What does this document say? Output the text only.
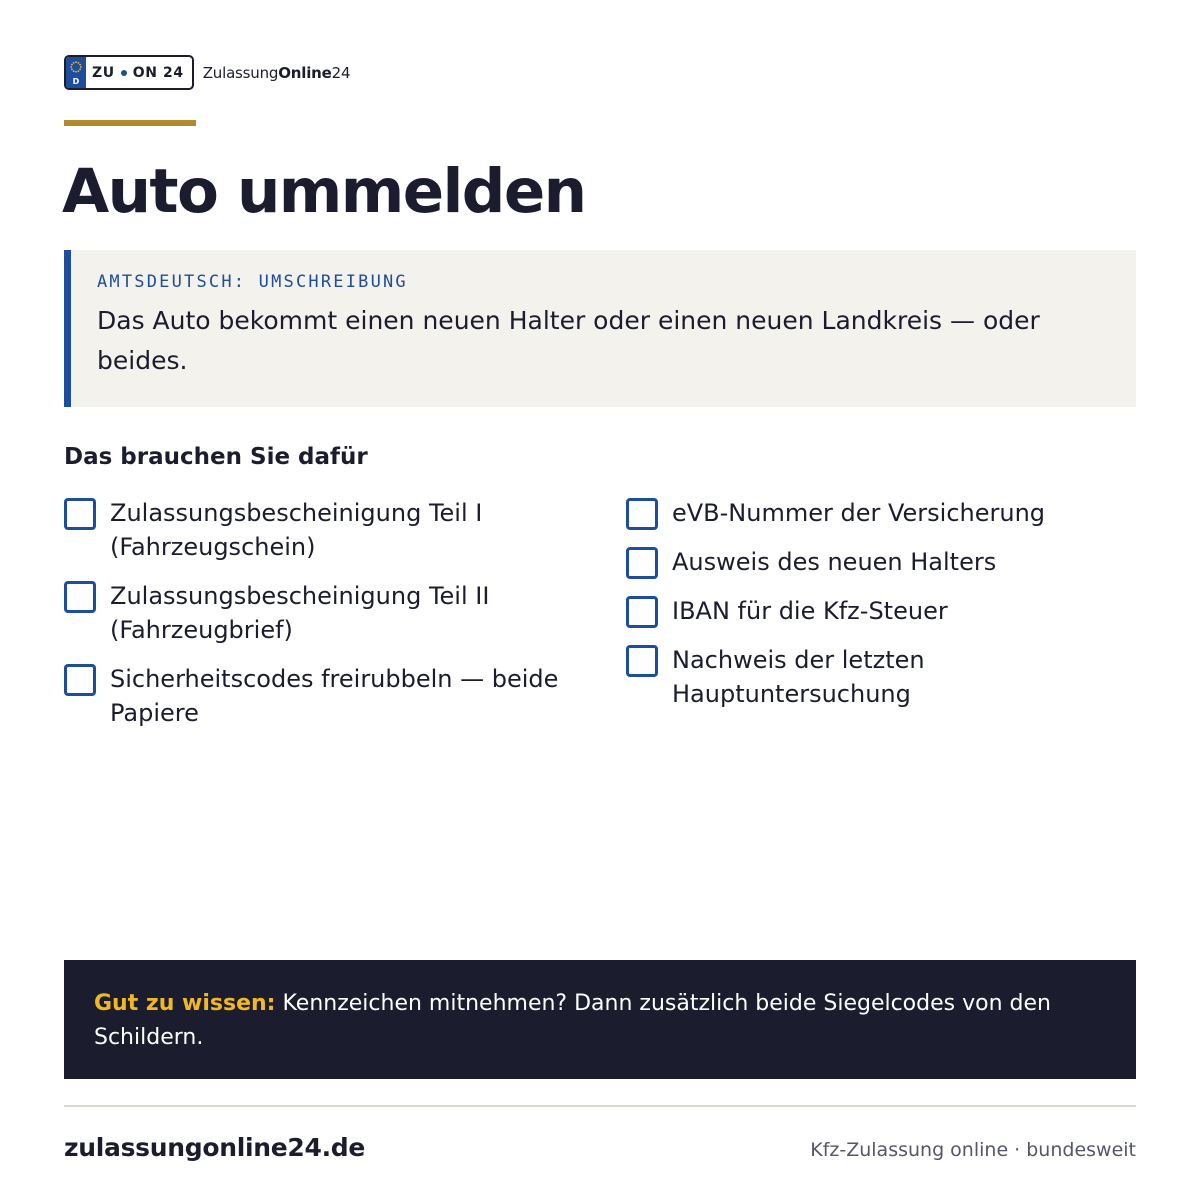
D
ZU ON 24 ZulassungOnline24
Auto ummelden
AMTSDEUTSCH: UMSCHREIBUNG
Das Auto bekommt einen neuen Halter oder einen neuen Landkreis — oder beides.
Das brauchen Sie dafür
Zulassungsbescheinigung Teil I (Fahrzeugschein)
Zulassungsbescheinigung Teil II (Fahrzeugbrief)
Sicherheitscodes freirubbeln — beide Papiere
eVB-Nummer der Versicherung
Ausweis des neuen Halters
IBAN für die Kfz-Steuer
Nachweis der letzten Hauptuntersuchung

Gut zu wissen: Kennzeichen mitnehmen? Dann zusätzlich beide Siegelcodes von den Schildern.

zulassungonline24.de	Kfz-Zulassung online · bundesweit
